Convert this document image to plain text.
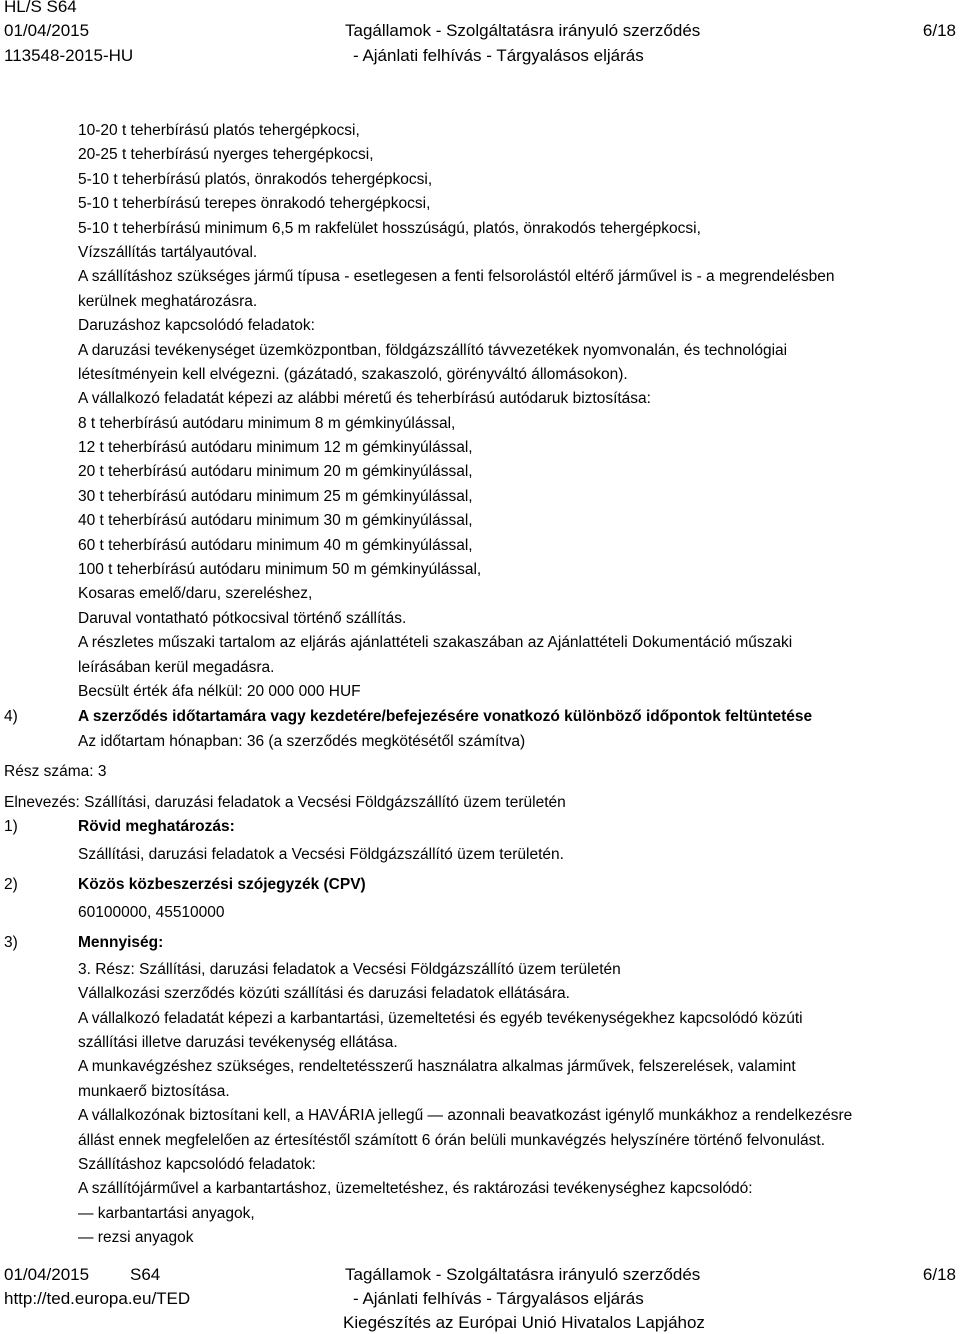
HL/S S64
01/04/2015
113548-2015-HU
Tagállamok - Szolgáltatásra irányuló szerződés
- Ajánlati felhívás - Tárgyalásos eljárás
6/18
10-20 t teherbírású platós tehergépkocsi,
20-25 t teherbírású nyerges tehergépkocsi,
5-10 t teherbírású platós, önrakodós tehergépkocsi,
5-10 t teherbírású terepes önrakodó tehergépkocsi,
5-10 t teherbírású minimum 6,5 m rakfelület hosszúságú, platós, önrakodós tehergépkocsi,
Vízszállítás tartályautóval.
A szállításhoz szükséges jármű típusa - esetlegesen a fenti felsorolástól eltérő járművel is - a megrendelésben
kerülnek meghatározásra.
Daruzáshoz kapcsolódó feladatok:
A daruzási tevékenységet üzemközpontban, földgázszállító távvezetékek nyomvonalán, és technológiai
létesítményein kell elvégezni. (gázátadó, szakaszoló, görényváltó állomásokon).
A vállalkozó feladatát képezi az alábbi méretű és teherbírású autódaruk biztosítása:
8 t teherbírású autódaru minimum 8 m gémkinyúlással,
12 t teherbírású autódaru minimum 12 m gémkinyúlással,
20 t teherbírású autódaru minimum 20 m gémkinyúlással,
30 t teherbírású autódaru minimum 25 m gémkinyúlással,
40 t teherbírású autódaru minimum 30 m gémkinyúlással,
60 t teherbírású autódaru minimum 40 m gémkinyúlással,
100 t teherbírású autódaru minimum 50 m gémkinyúlással,
Kosaras emelő/daru, szereléshez,
Daruval vontatható pótkocsival történő szállítás.
A részletes műszaki tartalom az eljárás ajánlattételi szakaszában az Ajánlattételi Dokumentáció műszaki
leírásában kerül megadásra.
Becsült érték áfa nélkül: 20 000 000 HUF
4)	A szerződés időtartamára vagy kezdetére/befejezésére vonatkozó különböző időpontok feltüntetése
Az időtartam hónapban: 36 (a szerződés megkötésétől számítva)
Rész száma: 3
Elnevezés: Szállítási, daruzási feladatok a Vecsési Földgázszállító üzem területén
1)	Rövid meghatározás:
Szállítási, daruzási feladatok a Vecsési Földgázszállító üzem területén.
2)	Közös közbeszerzési szójegyzék (CPV)
60100000, 45510000
3)	Mennyiség:
3. Rész: Szállítási, daruzási feladatok a Vecsési Földgázszállító üzem területén
Vállalkozási szerződés közúti szállítási és daruzási feladatok ellátására.
A vállalkozó feladatát képezi a karbantartási, üzemeltetési és egyéb tevékenységekhez kapcsolódó közúti
szállítási illetve daruzási tevékenység ellátása.
A munkavégzéshez szükséges, rendeltetésszerű használatra alkalmas járművek, felszerelések, valamint
munkaerő biztosítása.
A vállalkozónak biztosítani kell, a HAVÁRIA jellegű — azonnali beavatkozást igénylő munkákhoz a rendelkezésre
állást ennek megfelelően az értesítéstől számított 6 órán belüli munkavégzés helyszínére történő felvonulást.
Szállításhoz kapcsolódó feladatok:
A szállítójárművel a karbantartáshoz, üzemeltetéshez, és raktározási tevékenységhez kapcsolódó:
— karbantartási anyagok,
— rezsi anyagok
01/04/2015 S64
http://ted.europa.eu/TED
Tagállamok - Szolgáltatásra irányuló szerződés
- Ajánlati felhívás - Tárgyalásos eljárás
Kiegészítés az Európai Unió Hivatalos Lapjához
6/18
